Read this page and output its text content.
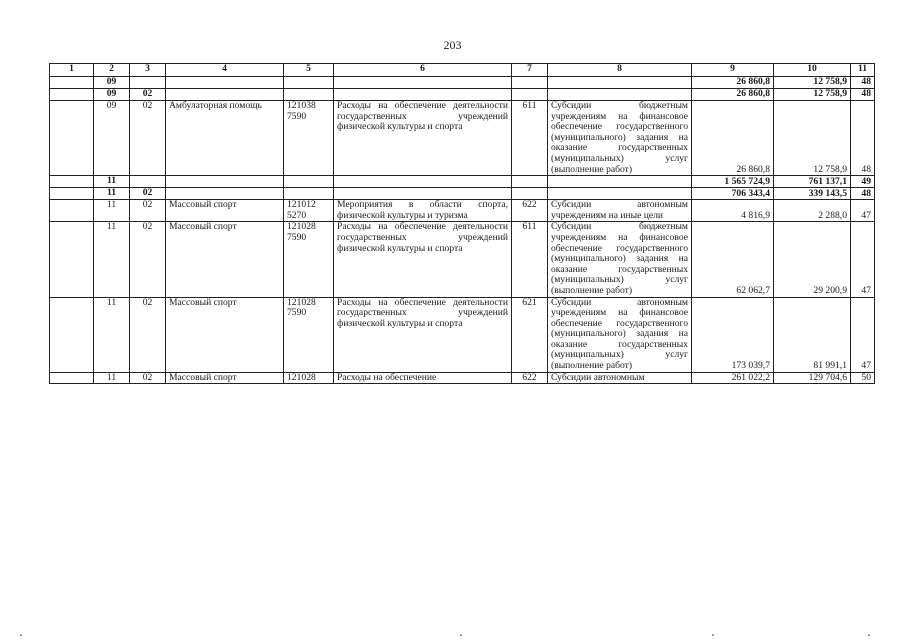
203
1	2	3	4	5	6	7	8	9	10	11
	09							26 860,8	12 758,9	48
	09	02						26 860,8	12 758,9	48
	09	02	Амбулаторная помощь	121038 7590	Расходы на обеспечение деятельности государственных учреждений физической культуры и спорта	611	Субсидии бюджетным учреждениям на финансовое обеспечение государственного (муниципального) задания на оказание государственных (муниципальных) услуг (выполнение работ)	26 860,8	12 758,9	48
	11							1 565 724,9	761 137,1	49
	11	02						706 343,4	339 143,5	48
	11	02	Массовый спорт	121012 5270	Мероприятия в области спорта, физической культуры и туризма	622	Субсидии автономным учреждениям на иные цели	4 816,9	2 288,0	47
	11	02	Массовый спорт	121028 7590	Расходы на обеспечение деятельности государственных учреждений физической культуры и спорта	611	Субсидии бюджетным учреждениям на финансовое обеспечение государственного (муниципального) задания на оказание государственных (муниципальных) услуг (выполнение работ)	62 062,7	29 200,9	47
	11	02	Массовый спорт	121028 7590	Расходы на обеспечение деятельности государственных учреждений физической культуры и спорта	621	Субсидии автономным учреждениям на финансовое обеспечение государственного (муниципального) задания на оказание государственных (муниципальных) услуг (выполнение работ)	173 039,7	81 991,1	47
	11	02	Массовый спорт	121028	Расходы на обеспечение	622	Субсидии автономным	261 022,2	129 704,6	50
